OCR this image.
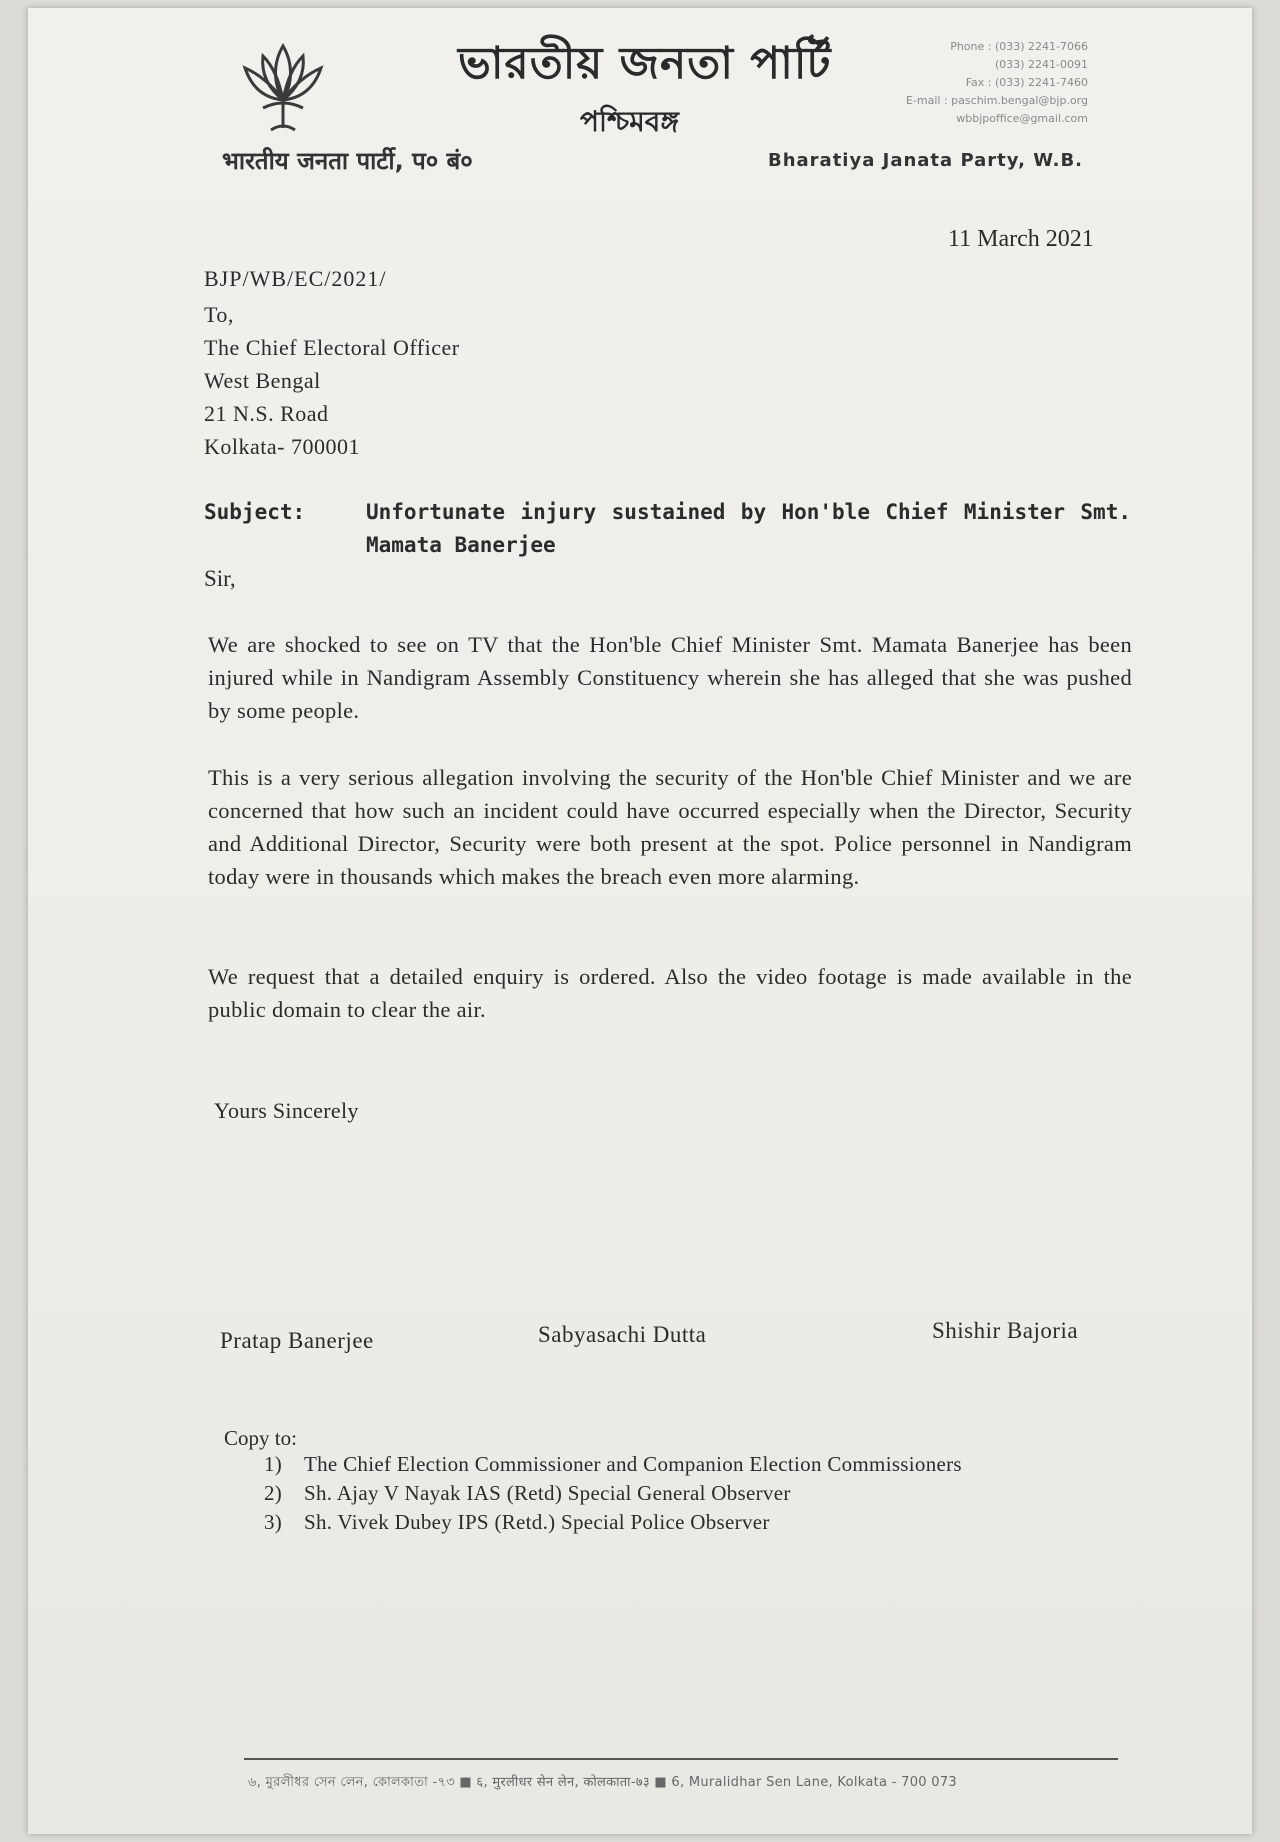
भारतीय जनता पार्टी, प० बं०
ভারতীয় জনতা পার্টি
পশ্চিমবঙ্গ
Phone : (033) 2241-7066
(033) 2241-0091
Fax : (033) 2241-7460
E-mail : paschim.bengal@bjp.org
wbbjpoffice@gmail.com
Bharatiya Janata Party, W.B.
11 March 2021
BJP/WB/EC/2021/
To,
The Chief Electoral Officer
West Bengal
21 N.S. Road
Kolkata- 700001
Subject:	Unfortunate injury sustained by Hon'ble Chief Minister Smt. Mamata Banerjee
Sir,
We are shocked to see on TV that the Hon'ble Chief Minister Smt. Mamata Banerjee has been injured while in Nandigram Assembly Constituency wherein she has alleged that she was pushed by some people.
This is a very serious allegation involving the security of the Hon'ble Chief Minister and we are concerned that how such an incident could have occurred especially when the Director, Security and Additional Director, Security were both present at the spot. Police personnel in Nandigram today were in thousands which makes the breach even more alarming.
We request that a detailed enquiry is ordered. Also the video footage is made available in the public domain to clear the air.
Yours Sincerely
Pratap Banerjee	Sabyasachi Dutta	Shishir Bajoria
Copy to:
1)	The Chief Election Commissioner and Companion Election Commissioners
2)	Sh. Ajay V Nayak IAS (Retd) Special General Observer
3)	Sh. Vivek Dubey IPS (Retd.) Special Police Observer
৬, মুরলীধর সেন লেন, কোলকাতা -৭৩ ■ ६, मुरलीधर सेन लेन, कोलकाता-७३ ■ 6, Muralidhar Sen Lane, Kolkata - 700 073
